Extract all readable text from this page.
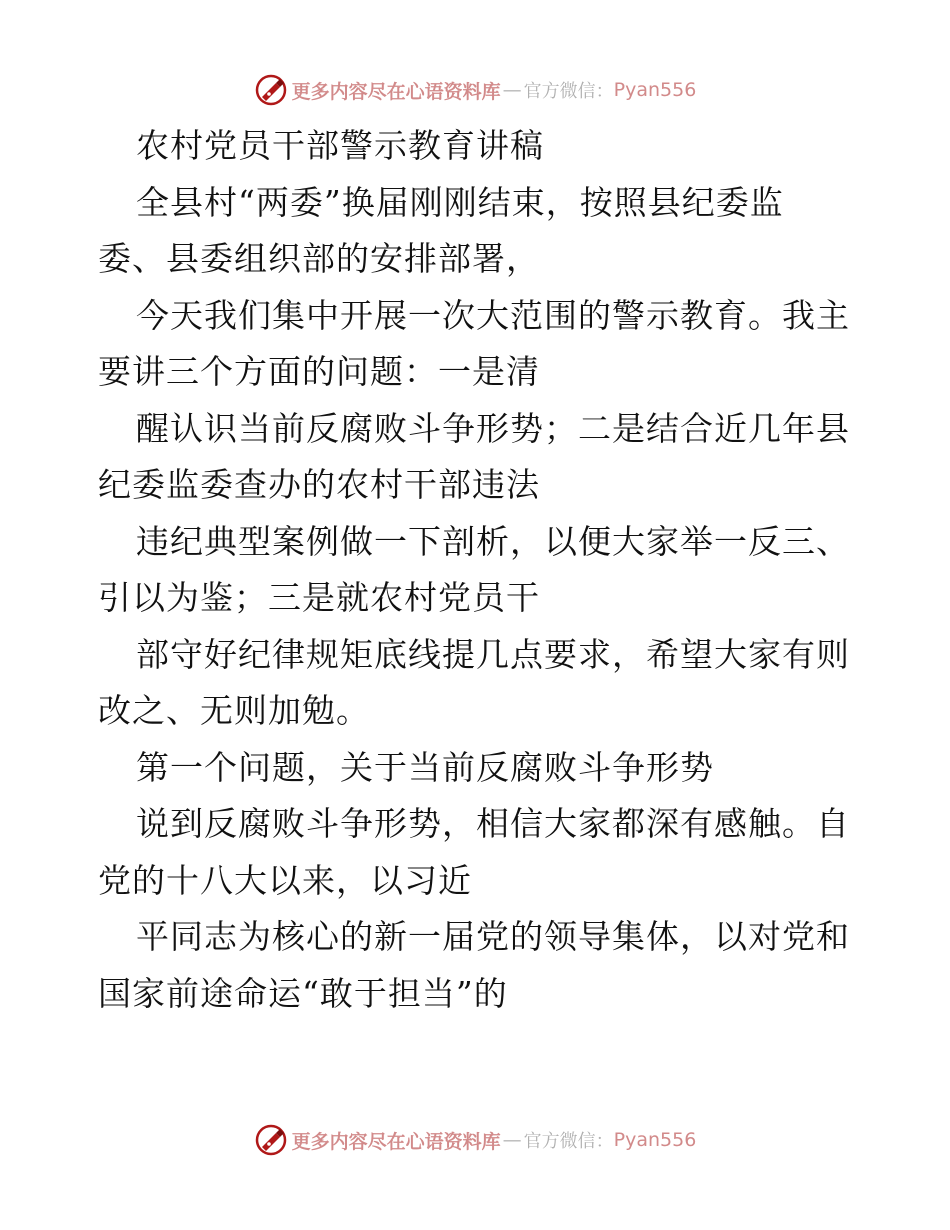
更多内容尽在心语资料库 — 官方微信： Pyan556
农村党员干部警示教育讲稿
全县村“两委”换届刚刚结束，按照县纪委监
委、县委组织部的安排部署，
今天我们集中开展一次大范围的警示教育。我主
要讲三个方面的问题：一是清
醒认识当前反腐败斗争形势；二是结合近几年县
纪委监委查办的农村干部违法
违纪典型案例做一下剖析，以便大家举一反三、
引以为鉴；三是就农村党员干
部守好纪律规矩底线提几点要求，希望大家有则
改之、无则加勉。
第一个问题，关于当前反腐败斗争形势
说到反腐败斗争形势，相信大家都深有感触。自
党的十八大以来，以习近
平同志为核心的新一届党的领导集体，以对党和
国家前途命运“敢于担当”的
更多内容尽在心语资料库 — 官方微信： Pyan556
